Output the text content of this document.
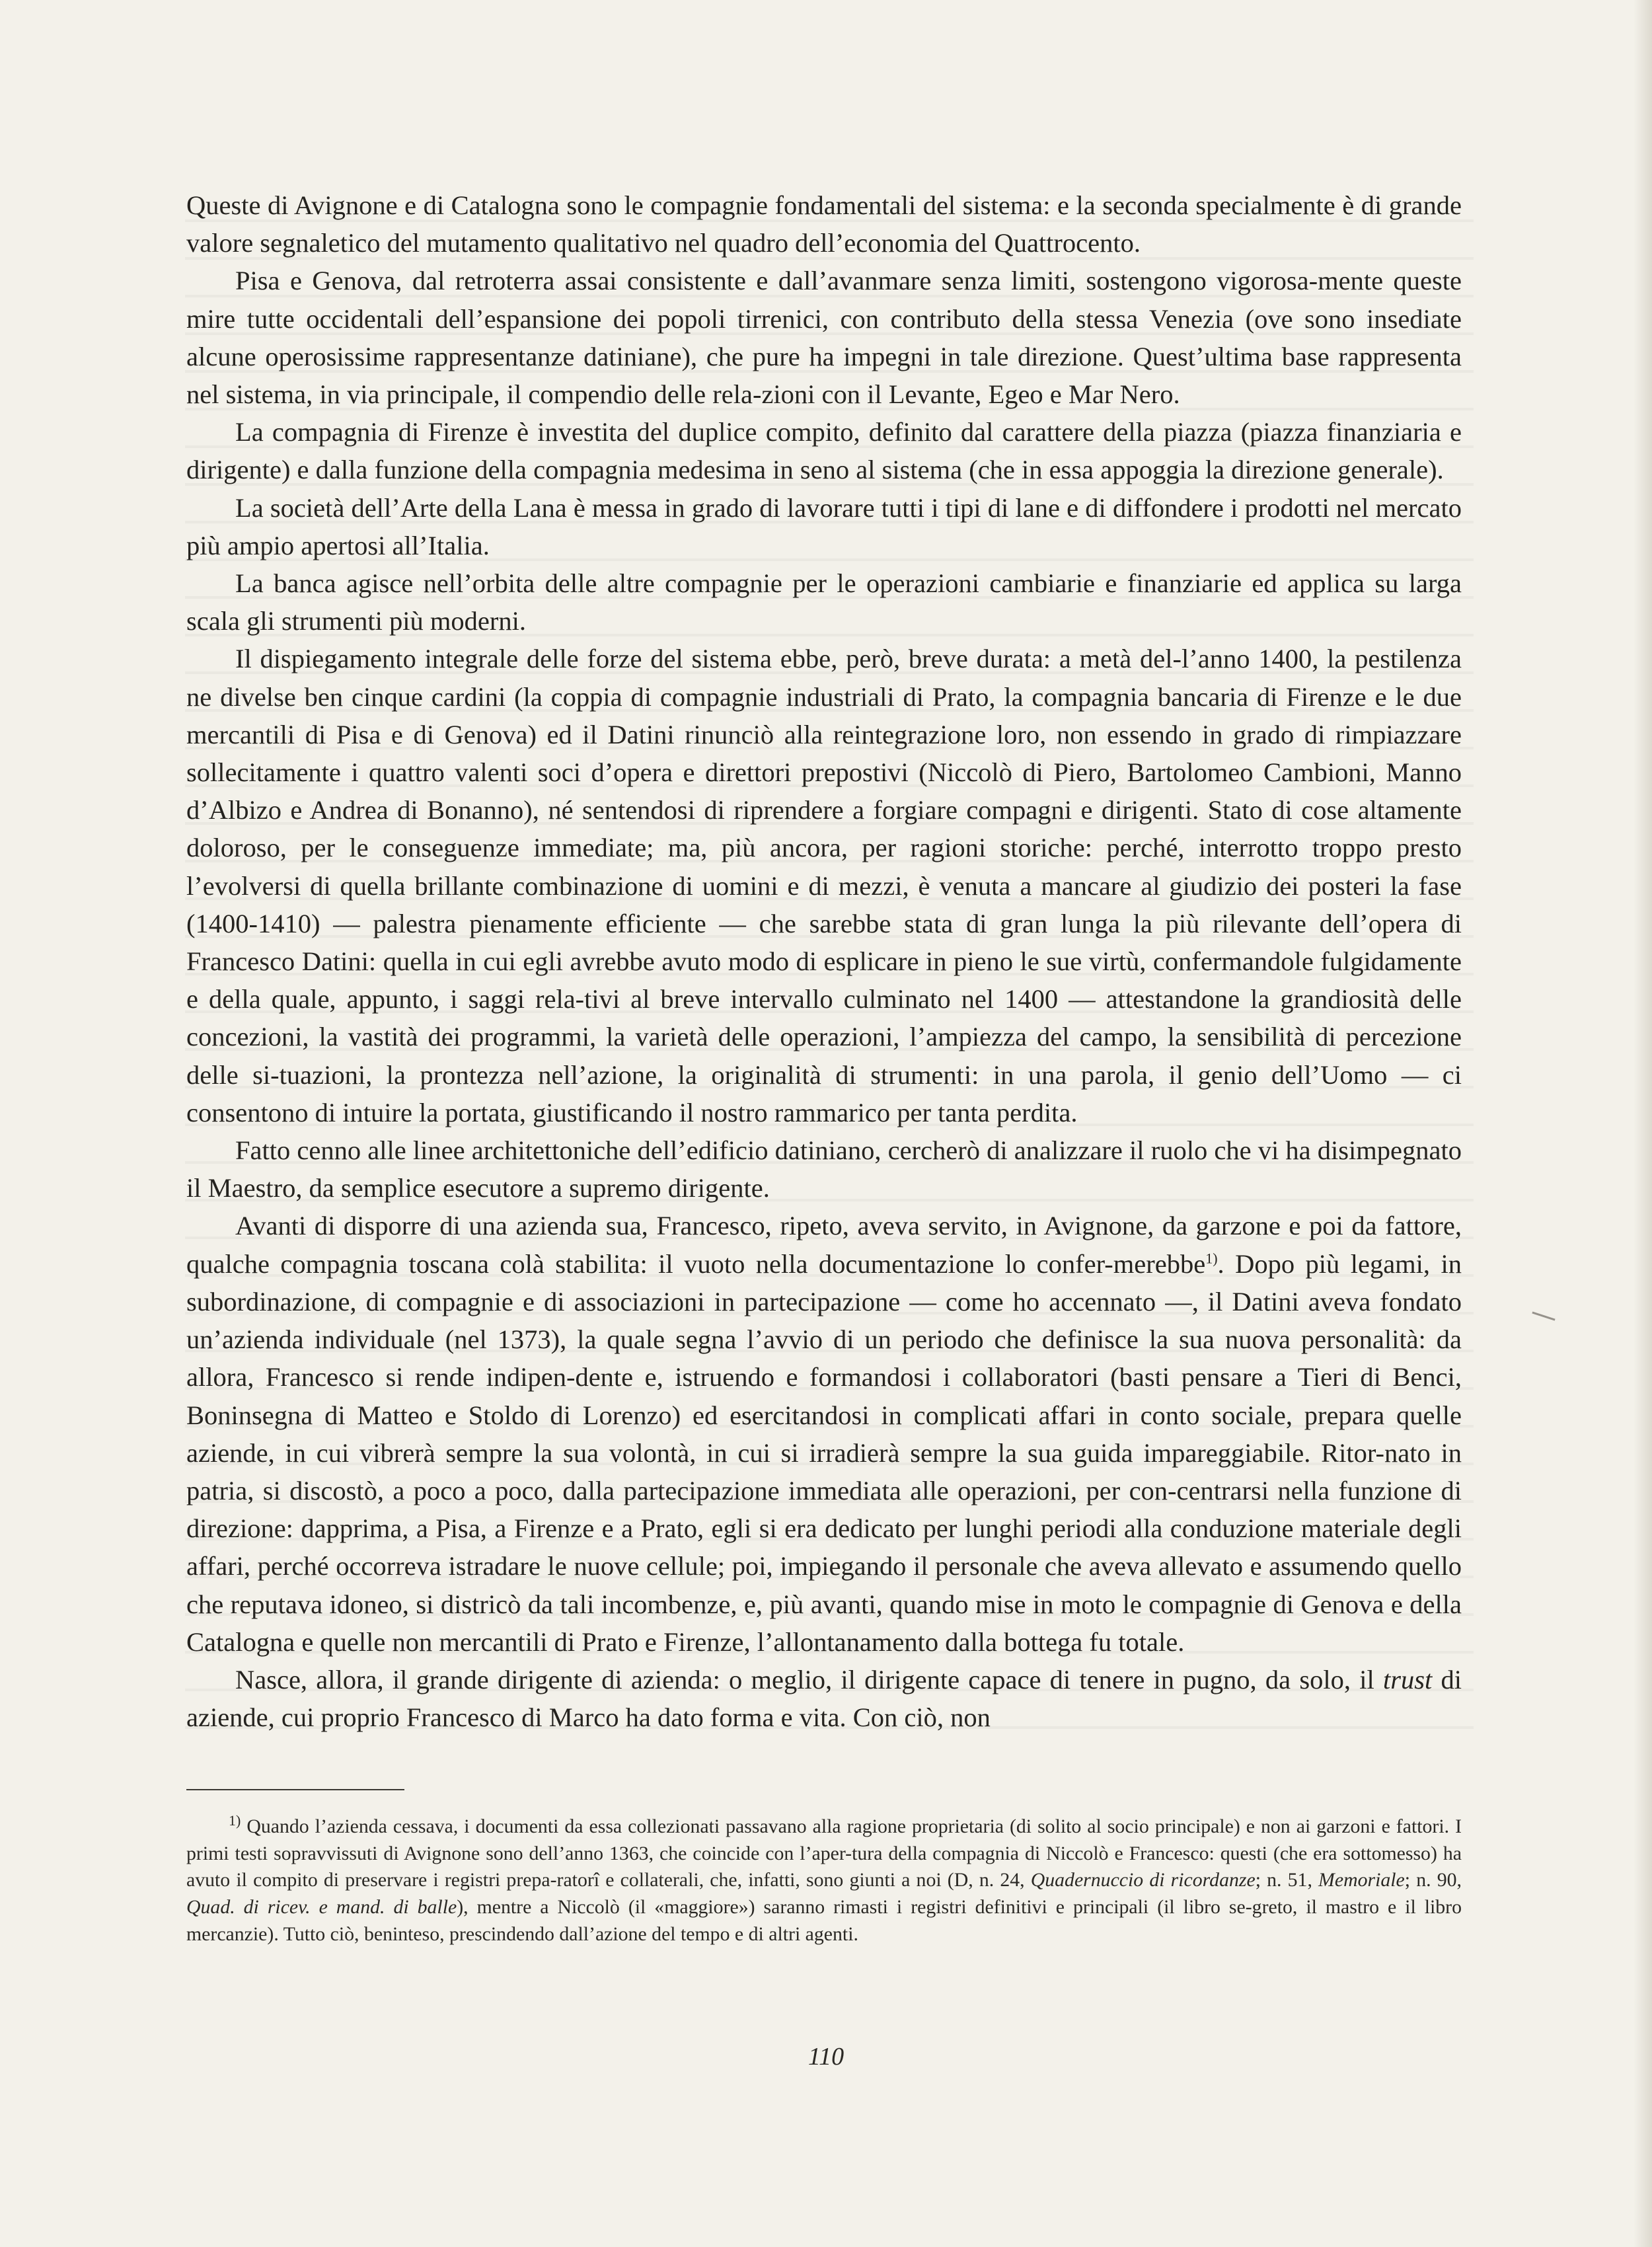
Queste di Avignone e di Catalogna sono le compagnie fondamentali del sistema: e la seconda specialmente è di grande valore segnaletico del mutamento qualitativo nel quadro dell’economia del Quattrocento.

Pisa e Genova, dal retroterra assai consistente e dall’avanmare senza limiti, sostengono vigorosa-mente queste mire tutte occidentali dell’espansione dei popoli tirrenici, con contributo della stessa Venezia (ove sono insediate alcune operosissime rappresentanze datiniane), che pure ha impegni in tale direzione. Quest’ultima base rappresenta nel sistema, in via principale, il compendio delle rela-zioni con il Levante, Egeo e Mar Nero.

La compagnia di Firenze è investita del duplice compito, definito dal carattere della piazza (piazza finanziaria e dirigente) e dalla funzione della compagnia medesima in seno al sistema (che in essa appoggia la direzione generale).

La società dell’Arte della Lana è messa in grado di lavorare tutti i tipi di lane e di diffondere i prodotti nel mercato più ampio apertosi all’Italia.

La banca agisce nell’orbita delle altre compagnie per le operazioni cambiarie e finanziarie ed applica su larga scala gli strumenti più moderni.

Il dispiegamento integrale delle forze del sistema ebbe, però, breve durata: a metà del-l’anno 1400, la pestilenza ne divelse ben cinque cardini (la coppia di compagnie industriali di Prato, la compagnia bancaria di Firenze e le due mercantili di Pisa e di Genova) ed il Datini rinunciò alla reintegrazione loro, non essendo in grado di rimpiazzare sollecitamente i quattro valenti soci d’opera e direttori prepostivi (Niccolò di Piero, Bartolomeo Cambioni, Manno d’Albizo e Andrea di Bonanno), né sentendosi di riprendere a forgiare compagni e dirigenti. Stato di cose altamente doloroso, per le conseguenze immediate; ma, più ancora, per ragioni storiche: perché, interrotto troppo presto l’evolversi di quella brillante combinazione di uomini e di mezzi, è venuta a mancare al giudizio dei posteri la fase (1400-1410) — palestra pienamente efficiente — che sarebbe stata di gran lunga la più rilevante dell’opera di Francesco Datini: quella in cui egli avrebbe avuto modo di esplicare in pieno le sue virtù, confermandole fulgidamente e della quale, appunto, i saggi rela-tivi al breve intervallo culminato nel 1400 — attestandone la grandiosità delle concezioni, la vastità dei programmi, la varietà delle operazioni, l’ampiezza del campo, la sensibilità di percezione delle si-tuazioni, la prontezza nell’azione, la originalità di strumenti: in una parola, il genio dell’Uomo — ci consentono di intuire la portata, giustificando il nostro rammarico per tanta perdita.

Fatto cenno alle linee architettoniche dell’edificio datiniano, cercherò di analizzare il ruolo che vi ha disimpegnato il Maestro, da semplice esecutore a supremo dirigente.

Avanti di disporre di una azienda sua, Francesco, ripeto, aveva servito, in Avignone, da garzone e poi da fattore, qualche compagnia toscana colà stabilita: il vuoto nella documentazione lo confer-merebbe$^{1)}$. Dopo più legami, in subordinazione, di compagnie e di associazioni in partecipazione — come ho accennato —, il Datini aveva fondato un’azienda individuale (nel 1373), la quale segna l’avvio di un periodo che definisce la sua nuova personalità: da allora, Francesco si rende indipen-dente e, istruendo e formandosi i collaboratori (basti pensare a Tieri di Benci, Boninsegna di Matteo e Stoldo di Lorenzo) ed esercitandosi in complicati affari in conto sociale, prepara quelle aziende, in cui vibrerà sempre la sua volontà, in cui si irradierà sempre la sua guida impareggiabile. Ritor-nato in patria, si discostò, a poco a poco, dalla partecipazione immediata alle operazioni, per con-centrarsi nella funzione di direzione: dapprima, a Pisa, a Firenze e a Prato, egli si era dedicato per lunghi periodi alla conduzione materiale degli affari, perché occorreva istradare le nuove cellule; poi, impiegando il personale che aveva allevato e assumendo quello che reputava idoneo, si districò da tali incombenze, e, più avanti, quando mise in moto le compagnie di Genova e della Catalogna e quelle non mercantili di Prato e Firenze, l’allontanamento dalla bottega fu totale.

Nasce, allora, il grande dirigente di azienda: o meglio, il dirigente capace di tenere in pugno, da solo, il trust di aziende, cui proprio Francesco di Marco ha dato forma e vita. Con ciò, non

$^{1)}$ Quando l’azienda cessava, i documenti da essa collezionati passavano alla ragione proprietaria (di solito al socio principale) e non ai garzoni e fattori. I primi testi sopravvissuti di Avignone sono dell’anno 1363, che coincide con l’aper-tura della compagnia di Niccolò e Francesco: questi (che era sottomesso) ha avuto il compito di preservare i registri prepa-ratorî e collaterali, che, infatti, sono giunti a noi (D, n. 24, Quadernuccio di ricordanze; n. 51, Memoriale; n. 90, Quad. di ricev. e mand. di balle), mentre a Niccolò (il «maggiore») saranno rimasti i registri definitivi e principali (il libro se-greto, il mastro e il libro mercanzie). Tutto ciò, beninteso, prescindendo dall’azione del tempo e di altri agenti.

110
